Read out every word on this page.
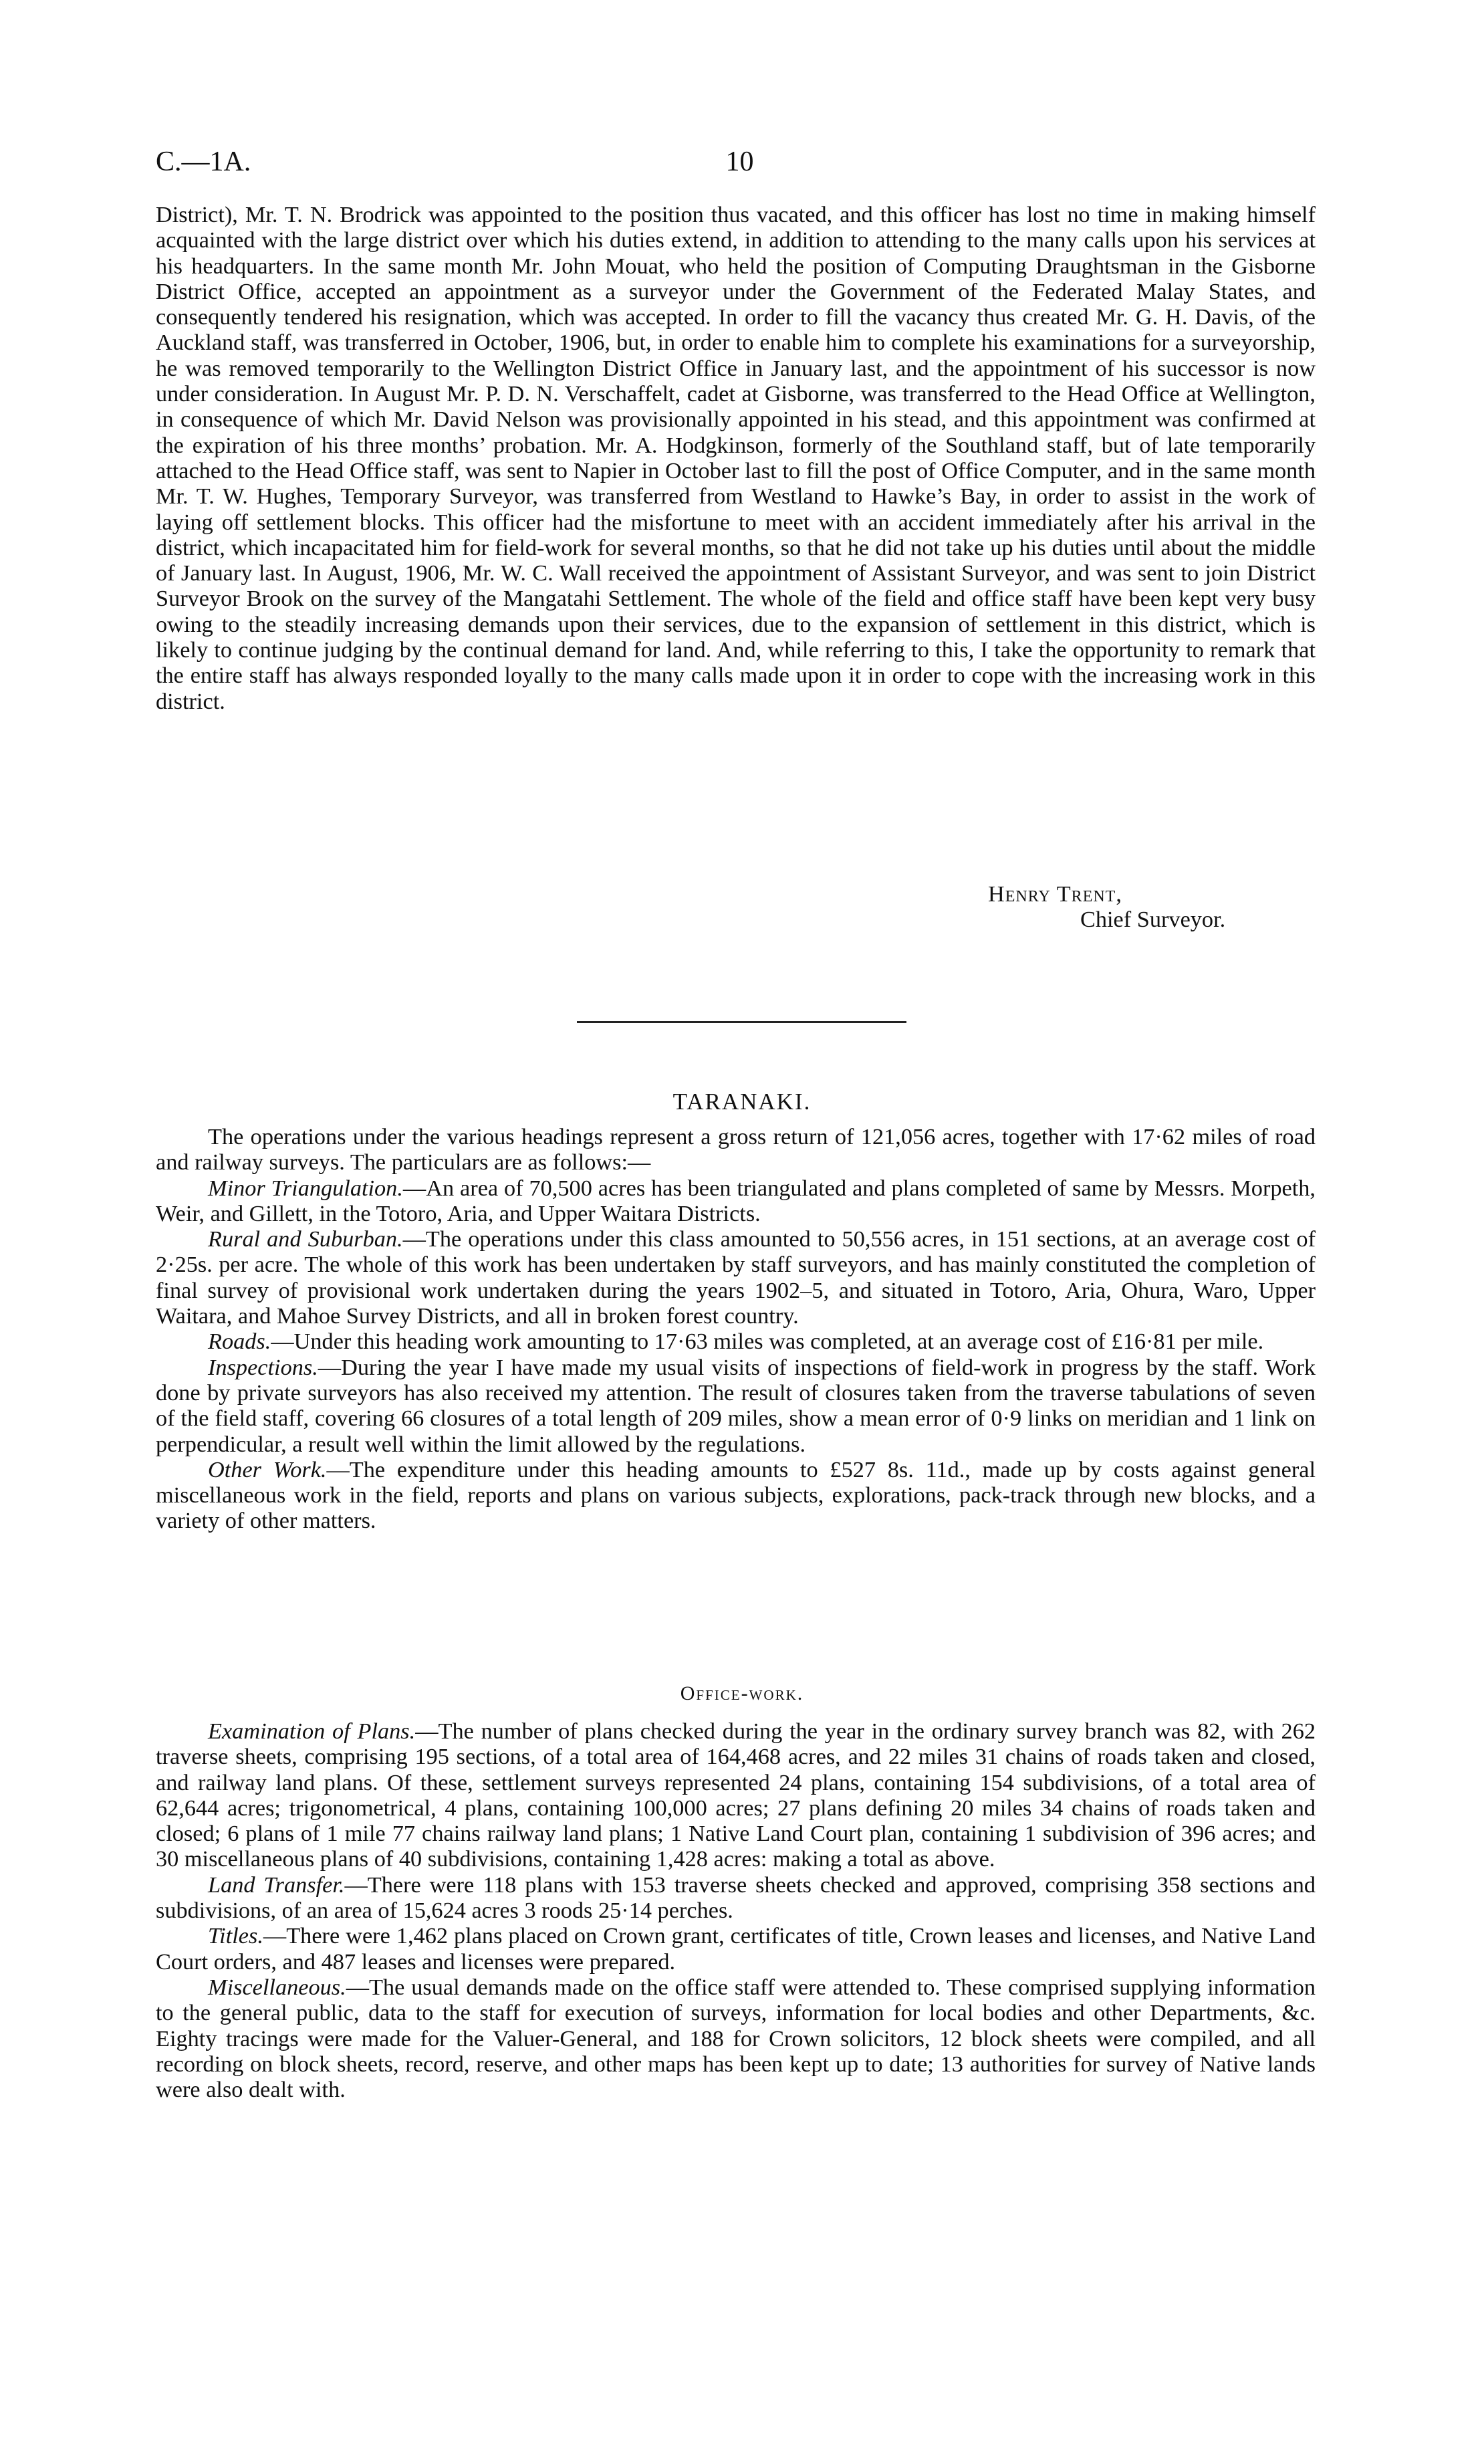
C.—1A.	10

District), Mr. T. N. Brodrick was appointed to the position thus vacated, and this officer has lost no time in making himself acquainted with the large district over which his duties extend, in addition to attending to the many calls upon his services at his headquarters. In the same month Mr. John Mouat, who held the position of Computing Draughtsman in the Gisborne District Office, accepted an appointment as a surveyor under the Government of the Federated Malay States, and consequently tendered his resignation, which was accepted. In order to fill the vacancy thus created Mr. G. H. Davis, of the Auckland staff, was transferred in October, 1906, but, in order to enable him to complete his examinations for a surveyorship, he was removed temporarily to the Wellington District Office in January last, and the appointment of his successor is now under consideration. In August Mr. P. D. N. Verschaffelt, cadet at Gisborne, was transferred to the Head Office at Wellington, in consequence of which Mr. David Nelson was provisionally appointed in his stead, and this appointment was confirmed at the expiration of his three months’ probation. Mr. A. Hodgkinson, formerly of the Southland staff, but of late temporarily attached to the Head Office staff, was sent to Napier in October last to fill the post of Office Computer, and in the same month Mr. T. W. Hughes, Temporary Surveyor, was transferred from Westland to Hawke’s Bay, in order to assist in the work of laying off settlement blocks. This officer had the misfortune to meet with an accident immediately after his arrival in the district, which incapacitated him for field-work for several months, so that he did not take up his duties until about the middle of January last. In August, 1906, Mr. W. C. Wall received the appointment of Assistant Surveyor, and was sent to join District Surveyor Brook on the survey of the Mangatahi Settlement. The whole of the field and office staff have been kept very busy owing to the steadily increasing demands upon their services, due to the expansion of settlement in this district, which is likely to continue judging by the continual demand for land. And, while referring to this, I take the opportunity to remark that the entire staff has always responded loyally to the many calls made upon it in order to cope with the increasing work in this district.

Henry Trent,
Chief Surveyor.
TARANAKI.

The operations under the various headings represent a gross return of 121,056 acres, together with 17·62 miles of road and railway surveys. The particulars are as follows:—

Minor Triangulation.—An area of 70,500 acres has been triangulated and plans completed of same by Messrs. Morpeth, Weir, and Gillett, in the Totoro, Aria, and Upper Waitara Districts.

Rural and Suburban.—The operations under this class amounted to 50,556 acres, in 151 sections, at an average cost of 2·25s. per acre. The whole of this work has been undertaken by staff surveyors, and has mainly constituted the completion of final survey of provisional work undertaken during the years 1902–5, and situated in Totoro, Aria, Ohura, Waro, Upper Waitara, and Mahoe Survey Districts, and all in broken forest country.

Roads.—Under this heading work amounting to 17·63 miles was completed, at an average cost of £16·81 per mile.

Inspections.—During the year I have made my usual visits of inspections of field-work in progress by the staff. Work done by private surveyors has also received my attention. The result of closures taken from the traverse tabulations of seven of the field staff, covering 66 closures of a total length of 209 miles, show a mean error of 0·9 links on meridian and 1 link on perpendicular, a result well within the limit allowed by the regulations.

Other Work.—The expenditure under this heading amounts to £527 8s. 11d., made up by costs against general miscellaneous work in the field, reports and plans on various subjects, explorations, pack-track through new blocks, and a variety of other matters.

Office-work.

Examination of Plans.—The number of plans checked during the year in the ordinary survey branch was 82, with 262 traverse sheets, comprising 195 sections, of a total area of 164,468 acres, and 22 miles 31 chains of roads taken and closed, and railway land plans. Of these, settlement surveys represented 24 plans, containing 154 subdivisions, of a total area of 62,644 acres; trigonometrical, 4 plans, containing 100,000 acres; 27 plans defining 20 miles 34 chains of roads taken and closed; 6 plans of 1 mile 77 chains railway land plans; 1 Native Land Court plan, containing 1 subdivision of 396 acres; and 30 miscellaneous plans of 40 subdivisions, containing 1,428 acres: making a total as above.

Land Transfer.—There were 118 plans with 153 traverse sheets checked and approved, comprising 358 sections and subdivisions, of an area of 15,624 acres 3 roods 25·14 perches.

Titles.—There were 1,462 plans placed on Crown grant, certificates of title, Crown leases and licenses, and Native Land Court orders, and 487 leases and licenses were prepared.

Miscellaneous.—The usual demands made on the office staff were attended to. These comprised supplying information to the general public, data to the staff for execution of surveys, information for local bodies and other Departments, &c. Eighty tracings were made for the Valuer-General, and 188 for Crown solicitors, 12 block sheets were compiled, and all recording on block sheets, record, reserve, and other maps has been kept up to date; 13 authorities for survey of Native lands were also dealt with.
